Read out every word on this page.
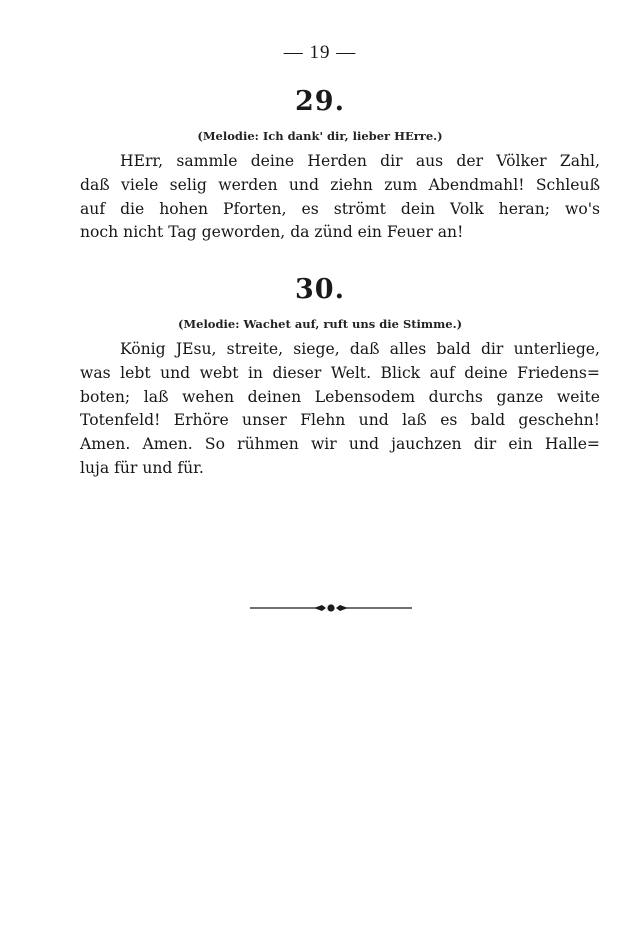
— 19 —
29.
(Melodie: Ich dank' dir, lieber HErre.)
HErr, sammle deine Herden dir aus der Völker Zahl,
daß viele selig werden und ziehn zum Abendmahl! Schleuß
auf die hohen Pforten, es strömt dein Volk heran; wo's
noch nicht Tag geworden, da zünd ein Feuer an!
30.
(Melodie: Wachet auf, ruft uns die Stimme.)
König JEsu, streite, siege, daß alles bald dir unterliege,
was lebt und webt in dieser Welt. Blick auf deine Friedens=
boten; laß wehen deinen Lebensodem durchs ganze weite
Totenfeld! Erhöre unser Flehn und laß es bald geschehn!
Amen. Amen. So rühmen wir und jauchzen dir ein Halle=
luja für und für.
